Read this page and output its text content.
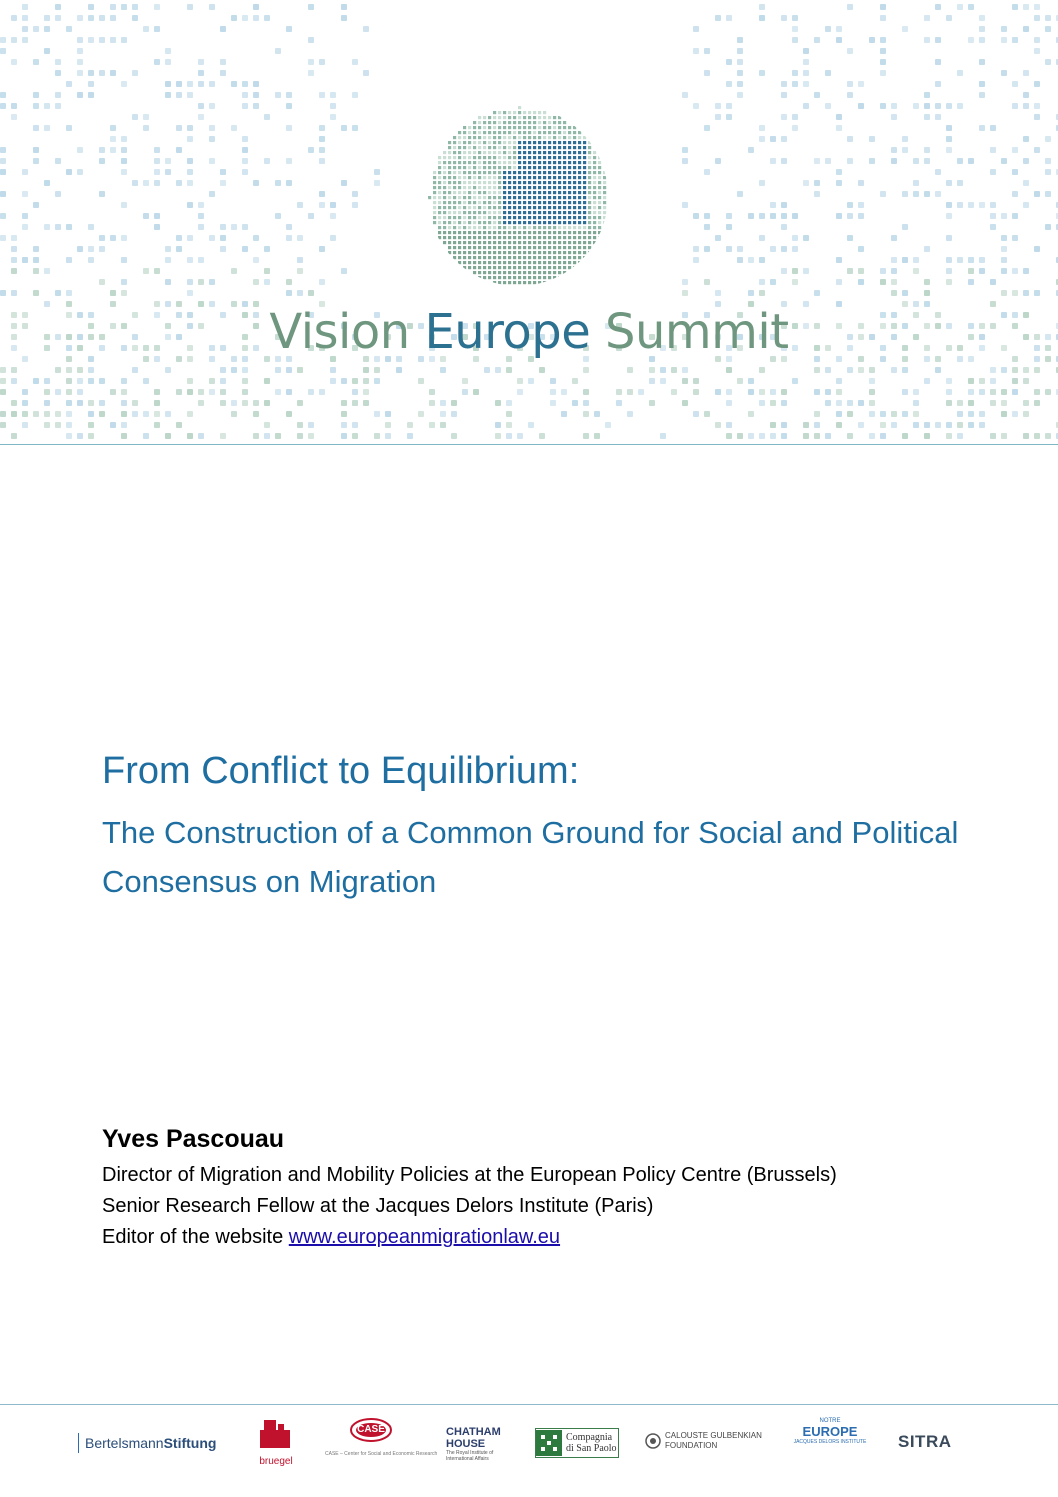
Vision Europe Summit
From Conflict to Equilibrium:

The Construction of a Common Ground for Social and Political Consensus on Migration

Yves Pascouau

Director of Migration and Mobility Policies at the European Policy Centre (Brussels)

Senior Research Fellow at the Jacques Delors Institute (Paris)

Editor of the website www.europeanmigrationlaw.eu

Bertelsmann Stiftung
bruegel
CASE
CASE – Center for Social and Economic Research
CHATHAM
HOUSE
The Royal Institute of
International Affairs
Compagnia
di San Paolo
CALOUSTE GULBENKIAN
FOUNDATION
NOTRE
EUROPE
JACQUES DELORS INSTITUTE	SITRA
